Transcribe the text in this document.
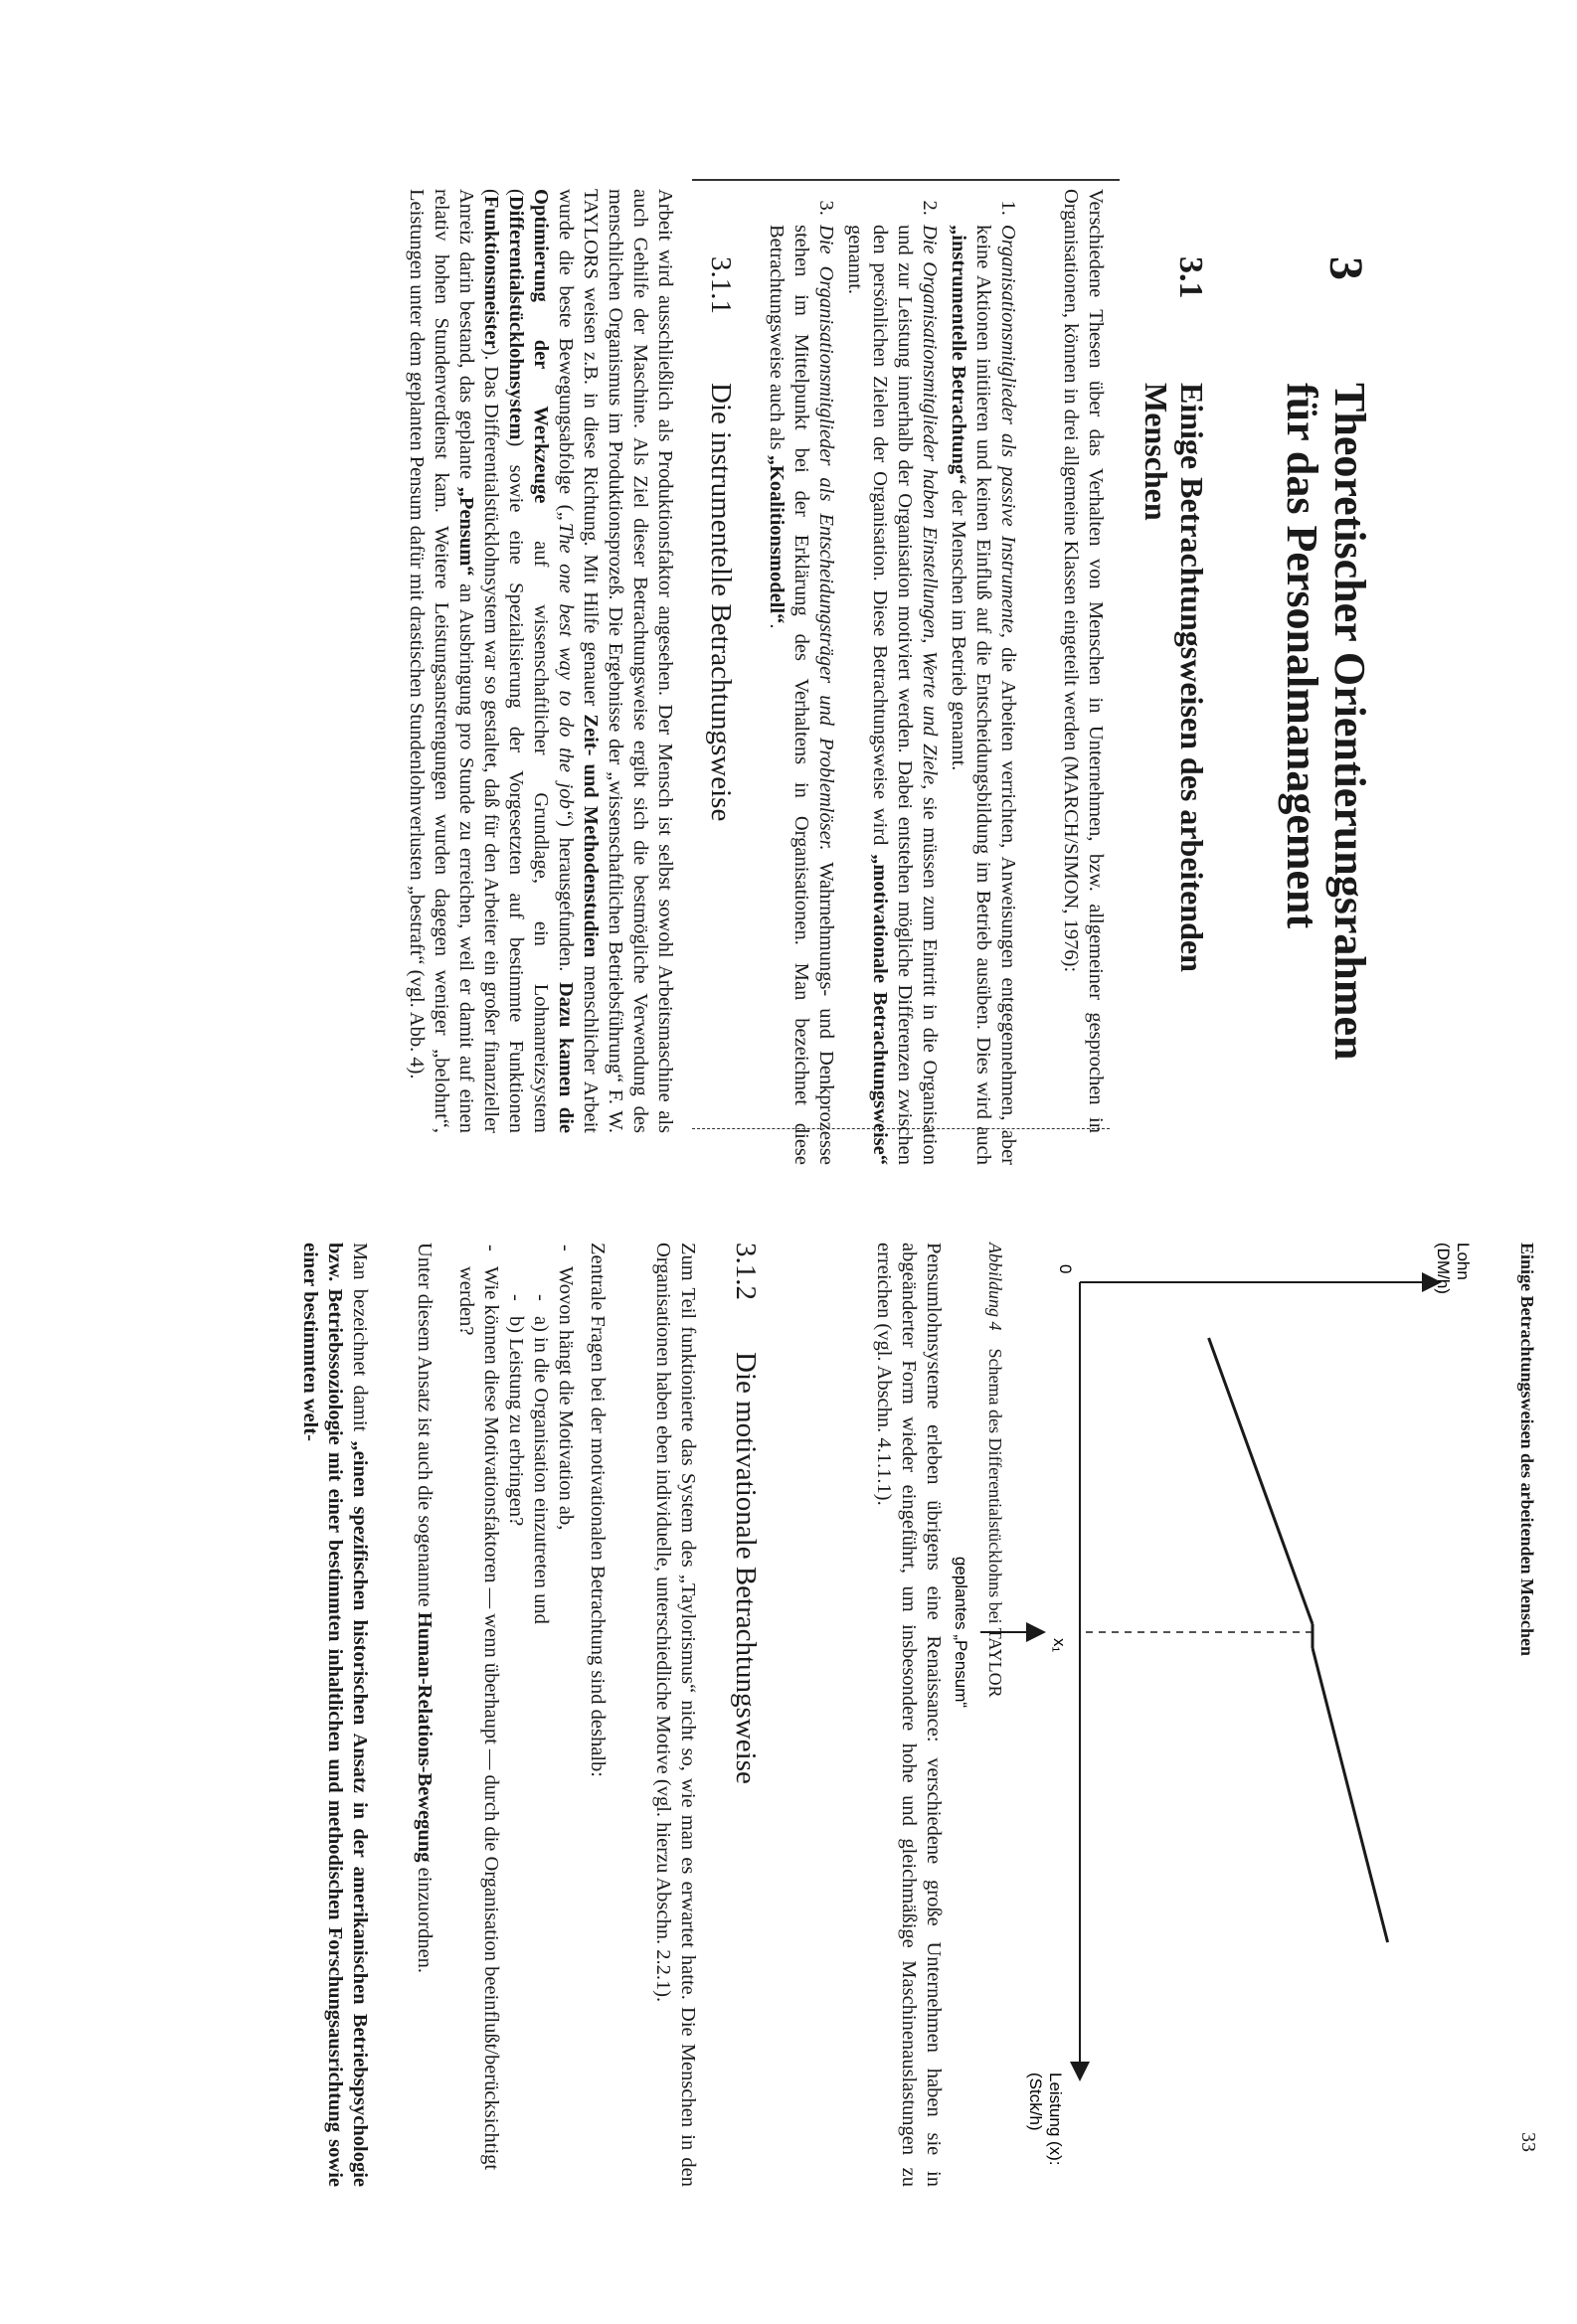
3
Theoretischer Orientierungsrahmen für das Personalmanagement
3.1
Einige Betrachtungsweisen des arbeitenden Menschen

Verschiedene Thesen über das Verhalten von Menschen in Unternehmen, bzw. allgemeiner gesprochen in Organisationen, können in drei allgemeine Klassen eingeteilt werden (MARCH/SIMON, 1976):

1. Organisationsmitglieder als passive Instrumente, die Arbeiten verrichten, Anweisungen entgegennehmen, aber keine Aktionen initiieren und keinen Einfluß auf die Entscheidungsbildung im Betrieb ausüben. Dies wird auch „instrumentelle Betrachtung“ der Menschen im Betrieb genannt.
2. Die Organisationsmitglieder haben Einstellungen, Werte und Ziele, sie müssen zum Eintritt in die Organisation und zur Leistung innerhalb der Organisation motiviert werden. Dabei entstehen mögliche Differenzen zwischen den persönlichen Zielen der Organisation. Diese Betrachtungsweise wird „motivationale Betrachtungsweise“ genannt.
3. Die Organisationsmitglieder als Entscheidungsträger und Problemlöser. Wahrnehmungs- und Denkprozesse stehen im Mittelpunkt bei der Erklärung des Verhaltens in Organisationen. Man bezeichnet diese Betrachtungsweise auch als „Koalitionsmodell“.
3.1.1
Die instrumentelle Betrachtungsweise

Arbeit wird ausschließlich als Produktionsfaktor angesehen. Der Mensch ist selbst sowohl Arbeitsmaschine als auch Gehilfe der Maschine. Als Ziel dieser Betrachtungsweise ergibt sich die bestmögliche Verwendung des menschlichen Organismus im Produktionsprozeß. Die Ergebnisse der „wissenschaftlichen Betriebsführung“ F. W. TAYLORS weisen z.B. in diese Richtung. Mit Hilfe genauer Zeit- und Methodenstudien menschlicher Arbeit wurde die beste Bewegungsabfolge („The one best way to do the job“) herausgefunden. Dazu kamen die Optimierung der Werkzeuge auf wissenschaftlicher Grundlage, ein Lohnanreizsystem (Differentialstücklohnsystem) sowie eine Spezialisierung der Vorgesetzten auf bestimmte Funktionen (Funktionsmeister). Das Differentialstücklohnsystem war so gestaltet, daß für den Arbeiter ein großer finanzieller Anreiz darin bestand, das geplante „Pensum“ an Ausbringung pro Stunde zu erreichen, weil er damit auf einen relativ hohen Stundenverdienst kam. Weitere Leistungsanstrengungen wurden dagegen weniger „belohnt“, Leistungen unter dem geplanten Pensum dafür mit drastischen Stundenlohnverlusten „bestraft“ (vgl. Abb. 4).

Einige Betrachtungsweisen des arbeitenden Menschen
33
Lohn
(DM/h)
Leistung (x):
(Stck/h)
0
x₁
geplantes „Pensum“
Abbildung 4Schema des Differentialstücklohns bei TAYLOR

Pensumlohnsysteme erleben übrigens eine Renaissance: verschiedene große Unternehmen haben sie in abgeänderter Form wieder eingeführt, um insbesondere hohe und gleichmäßige Maschinenauslastungen zu erreichen (vgl. Abschn. 4.1.1.1).

3.1.2
Die motivationale Betrachtungsweise

Zum Teil funktionierte das System des „Taylorismus“ nicht so, wie man es erwartet hatte. Die Menschen in den Organisationen haben eben individuelle, unterschiedliche Motive (vgl. hierzu Abschn. 2.2.1).

Zentrale Fragen bei der motivationalen Betrachtung sind deshalb:

- Wovon hängt die Motivation ab,
- a) in die Organisation einzutreten und
- b) Leistung zu erbringen?
- Wie können diese Motivationsfaktoren — wenn überhaupt — durch die Organisation beeinflußt/berücksichtigt werden?

Unter diesem Ansatz ist auch die sogenannte Human-Relations-Bewegung einzuordnen.

Man bezeichnet damit „einen spezifischen historischen Ansatz in der amerikanischen Betriebspsychologie bzw. Betriebssoziologie mit einer bestimmten inhaltlichen und methodischen Forschungsausrichtung sowie einer bestimmten welt-
